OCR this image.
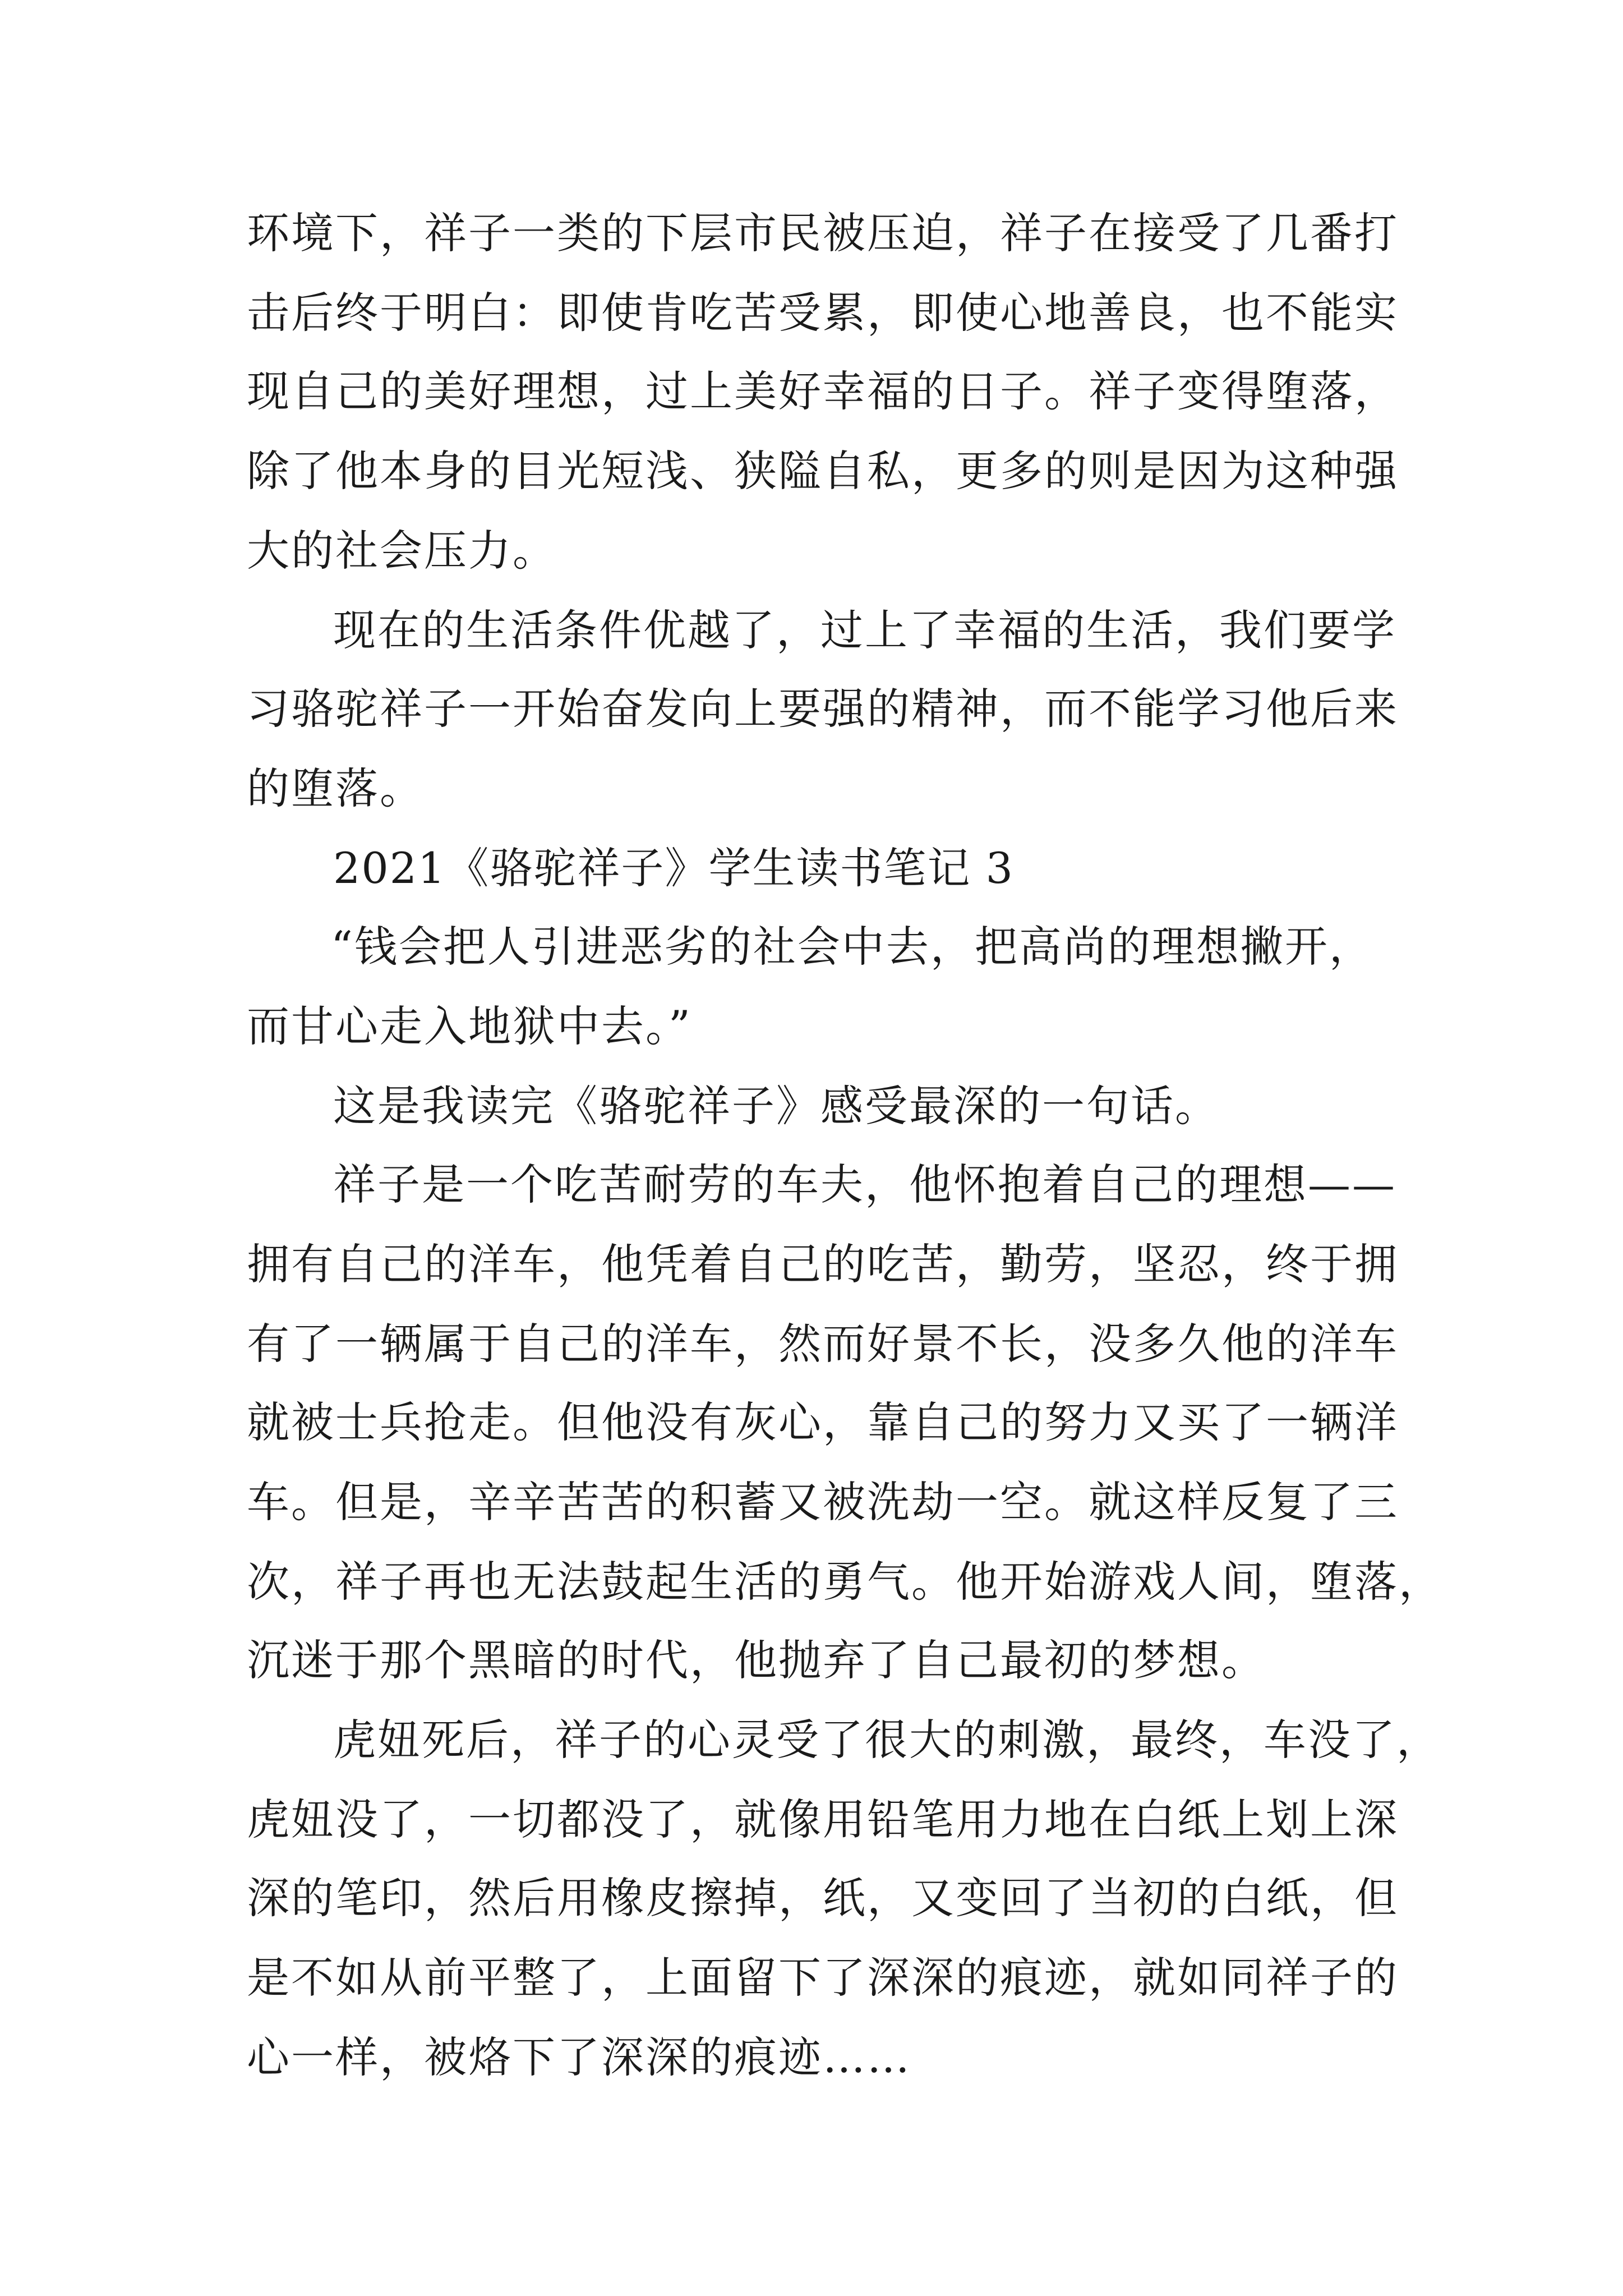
环境下，祥子一类的下层市民被压迫，祥子在接受了几番打
击后终于明白：即使肯吃苦受累，即使心地善良，也不能实
现自己的美好理想，过上美好幸福的日子。祥子变得堕落，
除了他本身的目光短浅、狭隘自私，更多的则是因为这种强
大的社会压力。
现在的生活条件优越了，过上了幸福的生活，我们要学
习骆驼祥子一开始奋发向上要强的精神，而不能学习他后来
的堕落。
2021《骆驼祥子》学生读书笔记 3
“钱会把人引进恶劣的社会中去，把高尚的理想撇开，
而甘心走入地狱中去。”
这是我读完《骆驼祥子》感受最深的一句话。
祥子是一个吃苦耐劳的车夫，他怀抱着自己的理想——
拥有自己的洋车，他凭着自己的吃苦，勤劳，坚忍，终于拥
有了一辆属于自己的洋车，然而好景不长，没多久他的洋车
就被士兵抢走。但他没有灰心，靠自己的努力又买了一辆洋
车。但是，辛辛苦苦的积蓄又被洗劫一空。就这样反复了三
次，祥子再也无法鼓起生活的勇气。他开始游戏人间，堕落，
沉迷于那个黑暗的时代，他抛弃了自己最初的梦想。
虎妞死后，祥子的心灵受了很大的刺激，最终，车没了，
虎妞没了，一切都没了，就像用铅笔用力地在白纸上划上深
深的笔印，然后用橡皮擦掉，纸，又变回了当初的白纸，但
是不如从前平整了，上面留下了深深的痕迹，就如同祥子的
心一样，被烙下了深深的痕迹……
